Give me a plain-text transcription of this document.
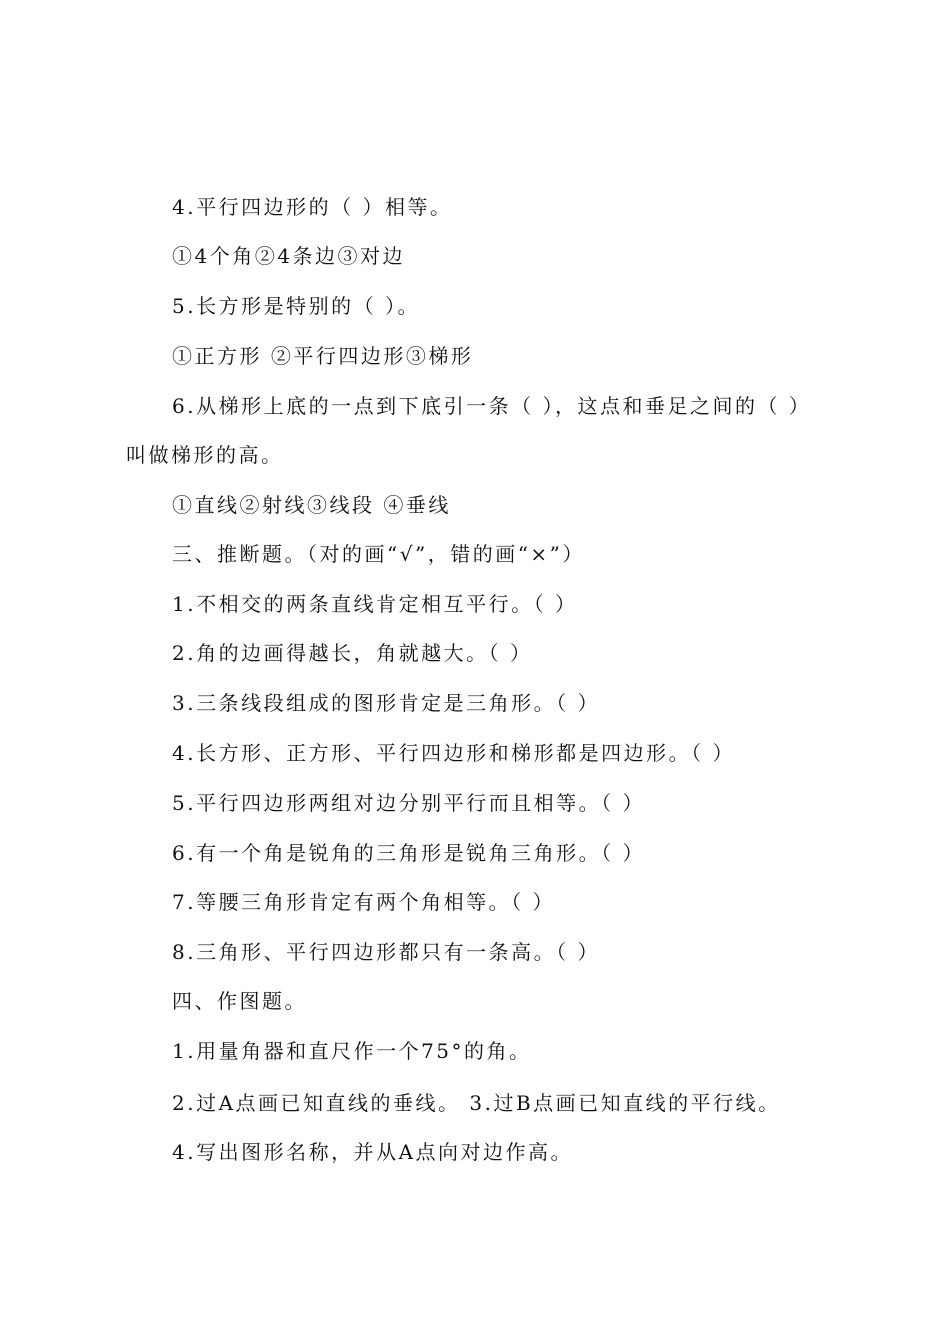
4.平行四边形的（ ）相等。
①4个角②4条边③对边
5.长方形是特别的（ ）。
①正方形 ②平行四边形③梯形
6.从梯形上底的一点到下底引一条（ ），这点和垂足之间的（ ）
叫做梯形的高。
①直线②射线③线段 ④垂线
三、推断题。（对的画“√”，错的画“×”）
1.不相交的两条直线肯定相互平行。（ ）
2.角的边画得越长，角就越大。（ ）
3.三条线段组成的图形肯定是三角形。（ ）
4.长方形、正方形、平行四边形和梯形都是四边形。（ ）
5.平行四边形两组对边分别平行而且相等。（ ）
6.有一个角是锐角的三角形是锐角三角形。（ ）
7.等腰三角形肯定有两个角相等。（ ）
8.三角形、平行四边形都只有一条高。（ ）
四、作图题。
1.用量角器和直尺作一个75°的角。
2.过A点画已知直线的垂线。 3.过B点画已知直线的平行线。
4.写出图形名称，并从A点向对边作高。
